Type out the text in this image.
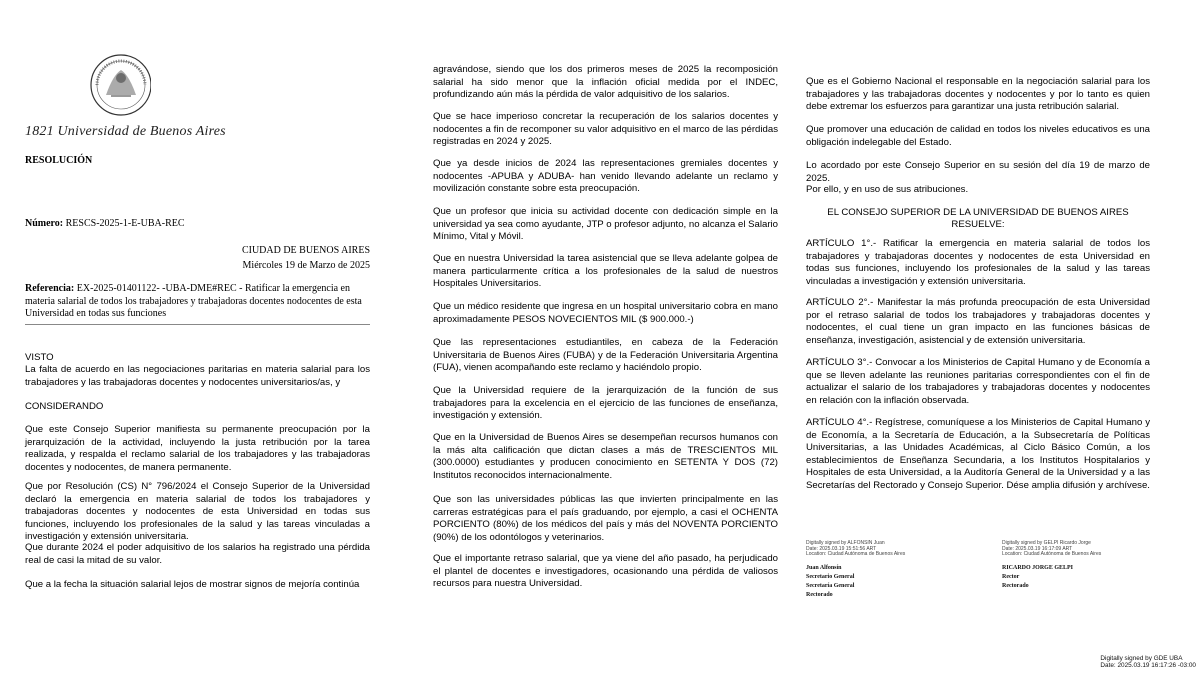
1821 Universidad de Buenos Aires
RESOLUCIÓN
Número: RESCS-2025-1-E-UBA-REC
CIUDAD DE BUENOS AIRES
Miércoles 19 de Marzo de 2025
Referencia: EX-2025-01401122- -UBA-DME#REC - Ratificar la emergencia en materia salarial de todos los trabajadores y trabajadoras docentes nodocentes de esta Universidad en todas sus funciones
VISTO
La falta de acuerdo en las negociaciones paritarias en materia salarial para los trabajadores y las trabajadoras docentes y nodocentes universitarios/as, y
CONSIDERANDO
Que este Consejo Superior manifiesta su permanente preocupación por la jerarquización de la actividad, incluyendo la justa retribución por la tarea realizada, y respalda el reclamo salarial de los trabajadores y las trabajadoras docentes y nodocentes, de manera permanente.
Que por Resolución (CS) N° 796/2024 el Consejo Superior de la Universidad declaró la emergencia en materia salarial de todos los trabajadores y trabajadoras docentes y nodocentes de esta Universidad en todas sus funciones, incluyendo los profesionales de la salud y las tareas vinculadas a investigación y extensión universitaria.
Que durante 2024 el poder adquisitivo de los salarios ha registrado una pérdida real de casi la mitad de su valor.
Que a la fecha la situación salarial lejos de mostrar signos de mejoría continúa
agravándose, siendo que los dos primeros meses de 2025 la recomposición salarial ha sido menor que la inflación oficial medida por el INDEC, profundizando aún más la pérdida de valor adquisitivo de los salarios.
Que se hace imperioso concretar la recuperación de los salarios docentes y nodocentes a fin de recomponer su valor adquisitivo en el marco de las pérdidas registradas en 2024 y 2025.
Que ya desde inicios de 2024 las representaciones gremiales docentes y nodocentes -APUBA y ADUBA- han venido llevando adelante un reclamo y movilización constante sobre esta preocupación.
Que un profesor que inicia su actividad docente con dedicación simple en la universidad ya sea como ayudante, JTP o profesor adjunto, no alcanza el Salario Mínimo, Vital y Móvil.
Que en nuestra Universidad la tarea asistencial que se lleva adelante golpea de manera particularmente crítica a los profesionales de la salud de nuestros Hospitales Universitarios.
Que un médico residente que ingresa en un hospital universitario cobra en mano aproximadamente PESOS NOVECIENTOS MIL ($ 900.000.-)
Que las representaciones estudiantiles, en cabeza de la Federación Universitaria de Buenos Aires (FUBA) y de la Federación Universitaria Argentina (FUA), vienen acompañando este reclamo y haciéndolo propio.
Que la Universidad requiere de la jerarquización de la función de sus trabajadores para la excelencia en el ejercicio de las funciones de enseñanza, investigación y extensión.
Que en la Universidad de Buenos Aires se desempeñan recursos humanos con la más alta calificación que dictan clases a más de TRESCIENTOS MIL (300.0000) estudiantes y producen conocimiento en SETENTA Y DOS (72) Institutos reconocidos internacionalmente.
Que son las universidades públicas las que invierten principalmente en las carreras estratégicas para el país graduando, por ejemplo, a casi el OCHENTA PORCIENTO (80%) de los médicos del país y más del NOVENTA PORCIENTO (90%) de los odontólogos y veterinarios.
Que el importante retraso salarial, que ya viene del año pasado, ha perjudicado el plantel de docentes e investigadores, ocasionando una pérdida de valiosos recursos para nuestra Universidad.
Que es el Gobierno Nacional el responsable en la negociación salarial para los trabajadores y las trabajadoras docentes y nodocentes y por lo tanto es quien debe extremar los esfuerzos para garantizar una justa retribución salarial.
Que promover una educación de calidad en todos los niveles educativos es una obligación indelegable del Estado.
Lo acordado por este Consejo Superior en su sesión del día 19 de marzo de 2025.
Por ello, y en uso de sus atribuciones.
EL CONSEJO SUPERIOR DE LA UNIVERSIDAD DE BUENOS AIRES
RESUELVE:
ARTÍCULO 1°.- Ratificar la emergencia en materia salarial de todos los trabajadores y trabajadoras docentes y nodocentes de esta Universidad en todas sus funciones, incluyendo los profesionales de la salud y las tareas vinculadas a investigación y extensión universitaria.
ARTÍCULO 2°.- Manifestar la más profunda preocupación de esta Universidad por el retraso salarial de todos los trabajadores y trabajadoras docentes y nodocentes, el cual tiene un gran impacto en las funciones básicas de enseñanza, investigación, asistencial y de extensión universitaria.
ARTÍCULO 3°.- Convocar a los Ministerios de Capital Humano y de Economía a que se lleven adelante las reuniones paritarias correspondientes con el fin de actualizar el salario de los trabajadores y trabajadoras docentes y nodocentes en relación con la inflación observada.
ARTÍCULO 4°.- Regístrese, comuníquese a los Ministerios de Capital Humano y de Economía, a la Secretaría de Educación, a la Subsecretaría de Políticas Universitarias, a las Unidades Académicas, al Ciclo Básico Común, a los establecimientos de Enseñanza Secundaria, a los Institutos Hospitalarios y Hospitales de esta Universidad, a la Auditoría General de la Universidad y a las Secretarías del Rectorado y Consejo Superior. Dése amplia difusión y archívese.
Digitally signed by ALFONSIN Juan
Date: 2025.03.19 15:51:56 ART
Location: Ciudad Autónoma de Buenos Aires
Juan Alfonsín
Secretario General
Secretaría General
Rectorado
Digitally signed by GELPI Ricardo Jorge
Date: 2025.03.19 16:17:09 ART
Location: Ciudad Autónoma de Buenos Aires
RICARDO JORGE GELPI
Rector
Rectorado
Digitally signed by GDE UBA
Date: 2025.03.19 16:17:26 -03:00
